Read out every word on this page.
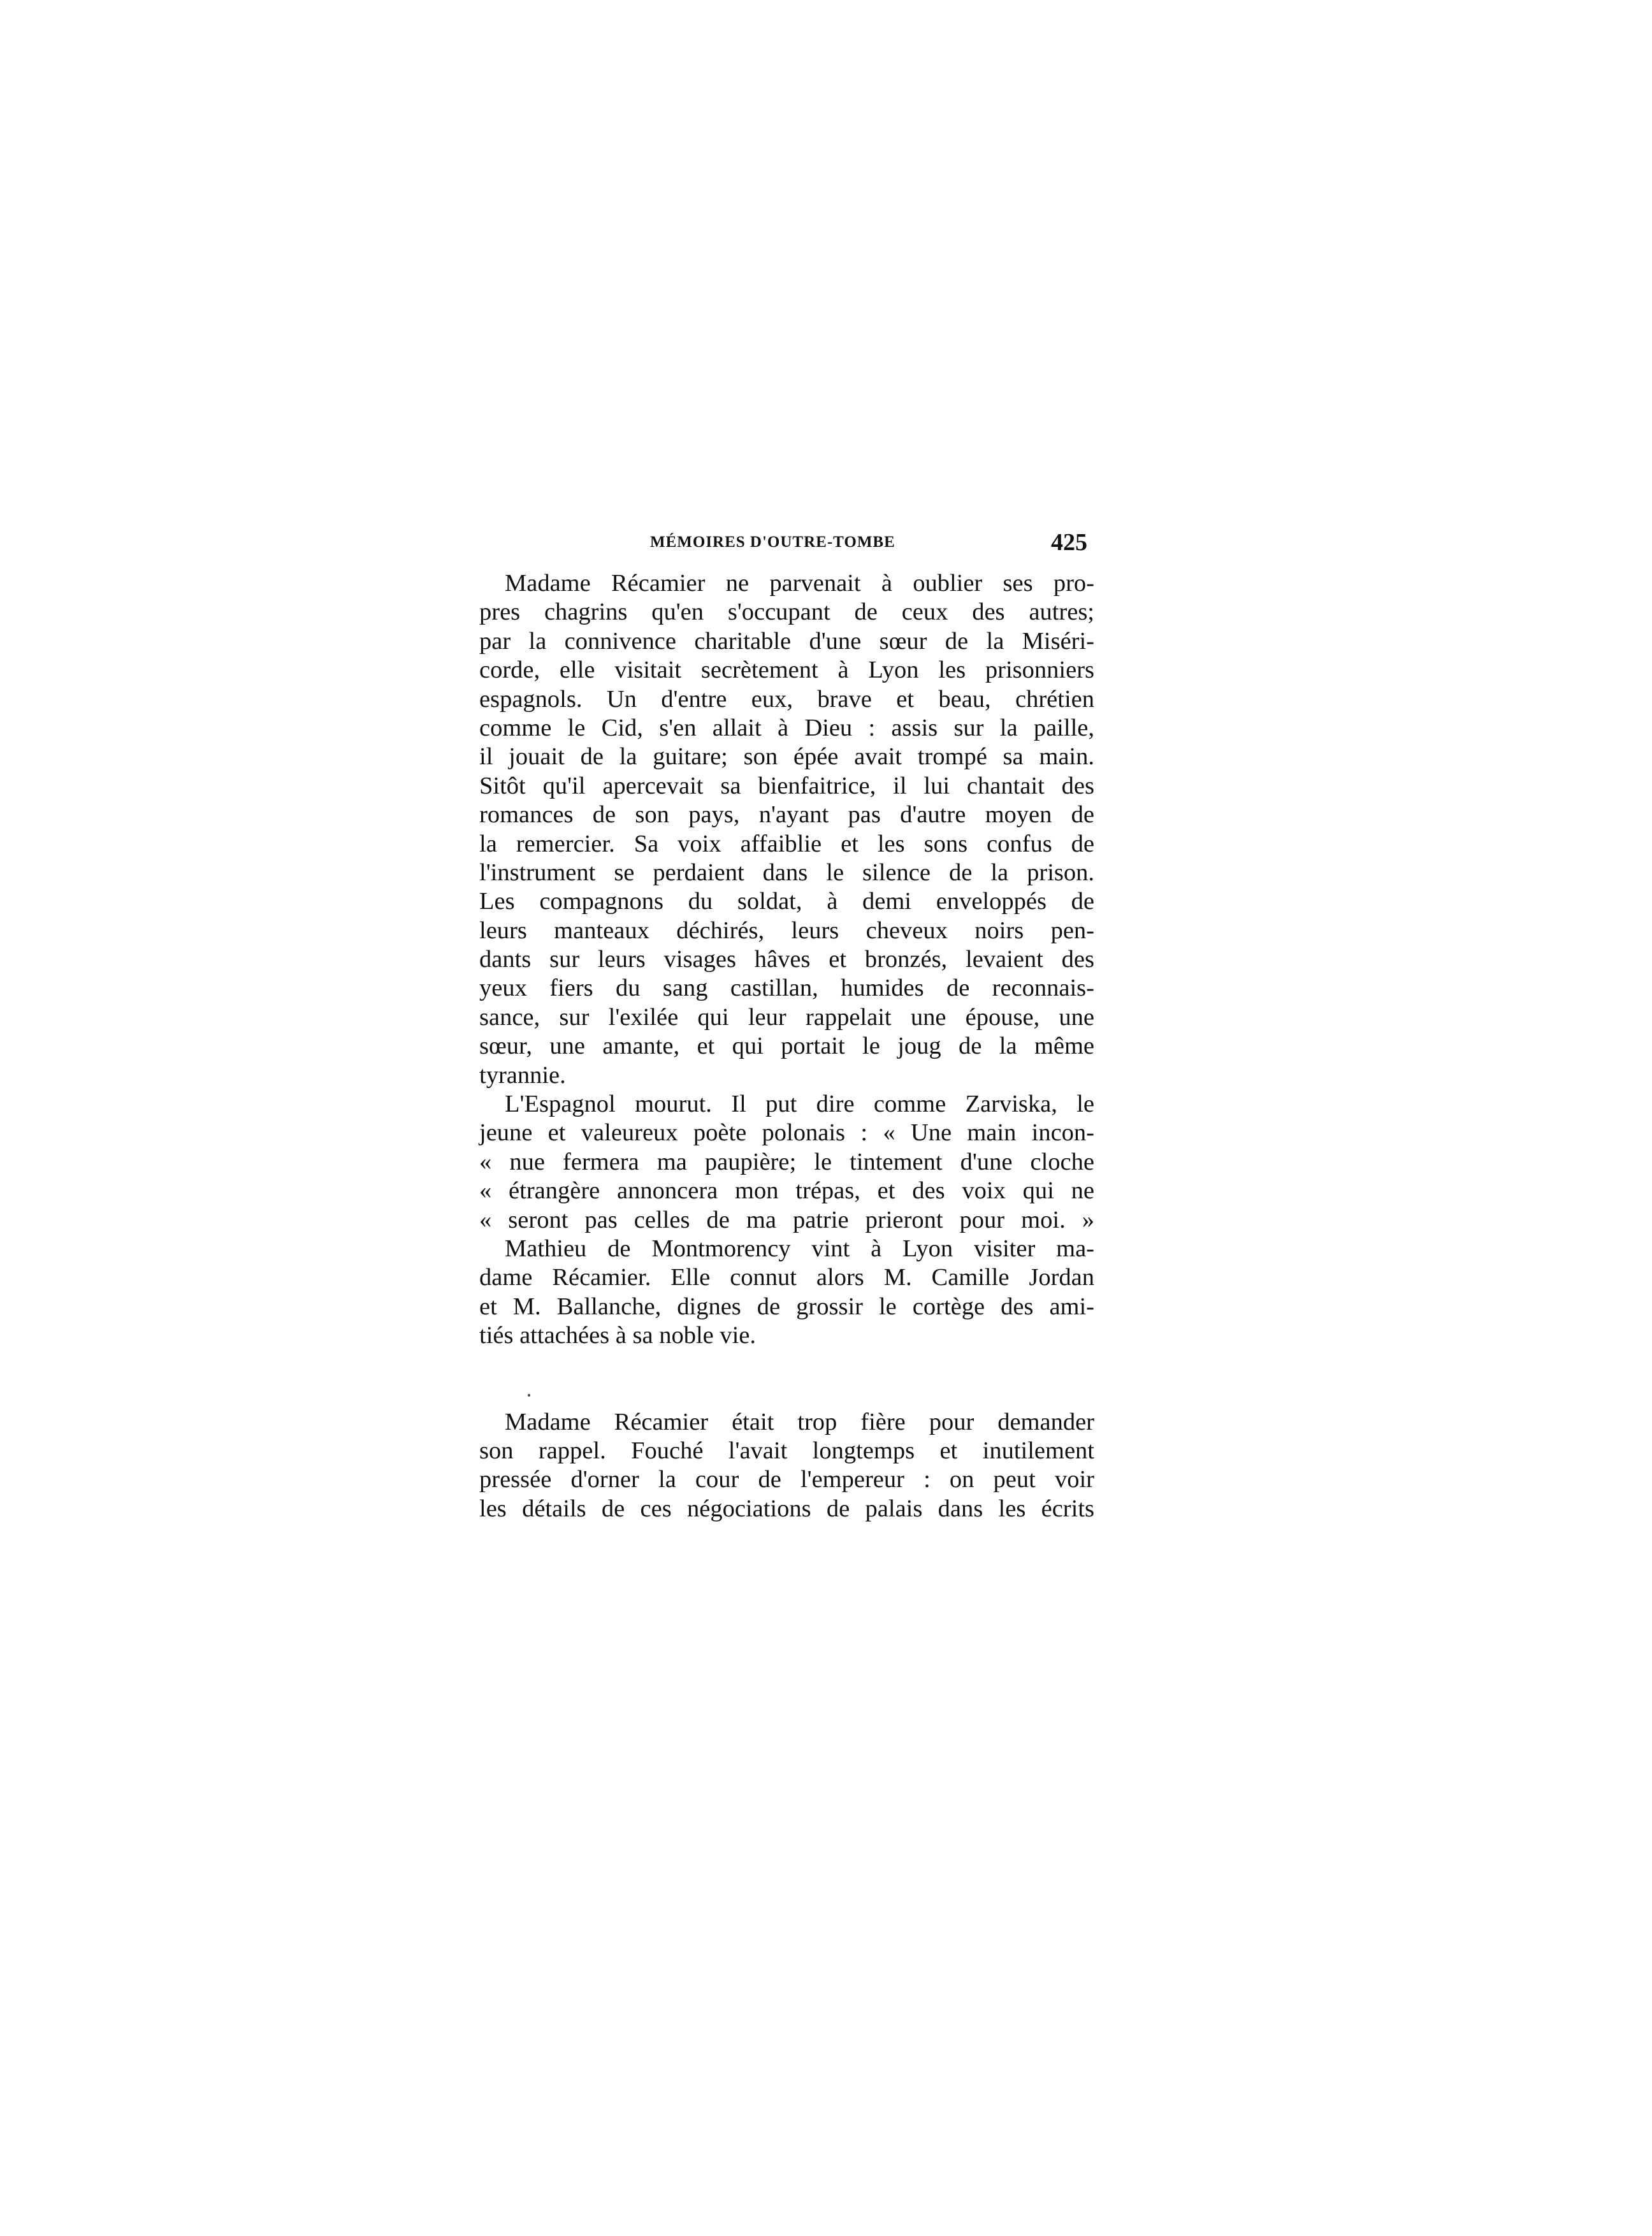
MÉMOIRES D'OUTRE-TOMBE	425
Madame Récamier ne parvenait à oublier ses pro-
pres chagrins qu'en s'occupant de ceux des autres;
par la connivence charitable d'une sœur de la Miséri-
corde, elle visitait secrètement à Lyon les prisonniers
espagnols. Un d'entre eux, brave et beau, chrétien
comme le Cid, s'en allait à Dieu : assis sur la paille,
il jouait de la guitare; son épée avait trompé sa main.
Sitôt qu'il apercevait sa bienfaitrice, il lui chantait des
romances de son pays, n'ayant pas d'autre moyen de
la remercier. Sa voix affaiblie et les sons confus de
l'instrument se perdaient dans le silence de la prison.
Les compagnons du soldat, à demi enveloppés de
leurs manteaux déchirés, leurs cheveux noirs pen-
dants sur leurs visages hâves et bronzés, levaient des
yeux fiers du sang castillan, humides de reconnais-
sance, sur l'exilée qui leur rappelait une épouse, une
sœur, une amante, et qui portait le joug de la même
tyrannie.
L'Espagnol mourut. Il put dire comme Zarviska, le
jeune et valeureux poète polonais : « Une main incon-
« nue fermera ma paupière; le tintement d'une cloche
« étrangère annoncera mon trépas, et des voix qui ne
« seront pas celles de ma patrie prieront pour moi. »
Mathieu de Montmorency vint à Lyon visiter ma-
dame Récamier. Elle connut alors M. Camille Jordan
et M. Ballanche, dignes de grossir le cortège des ami-
tiés attachées à sa noble vie.
Madame Récamier était trop fière pour demander
son rappel. Fouché l'avait longtemps et inutilement
pressée d'orner la cour de l'empereur : on peut voir
les détails de ces négociations de palais dans les écrits
